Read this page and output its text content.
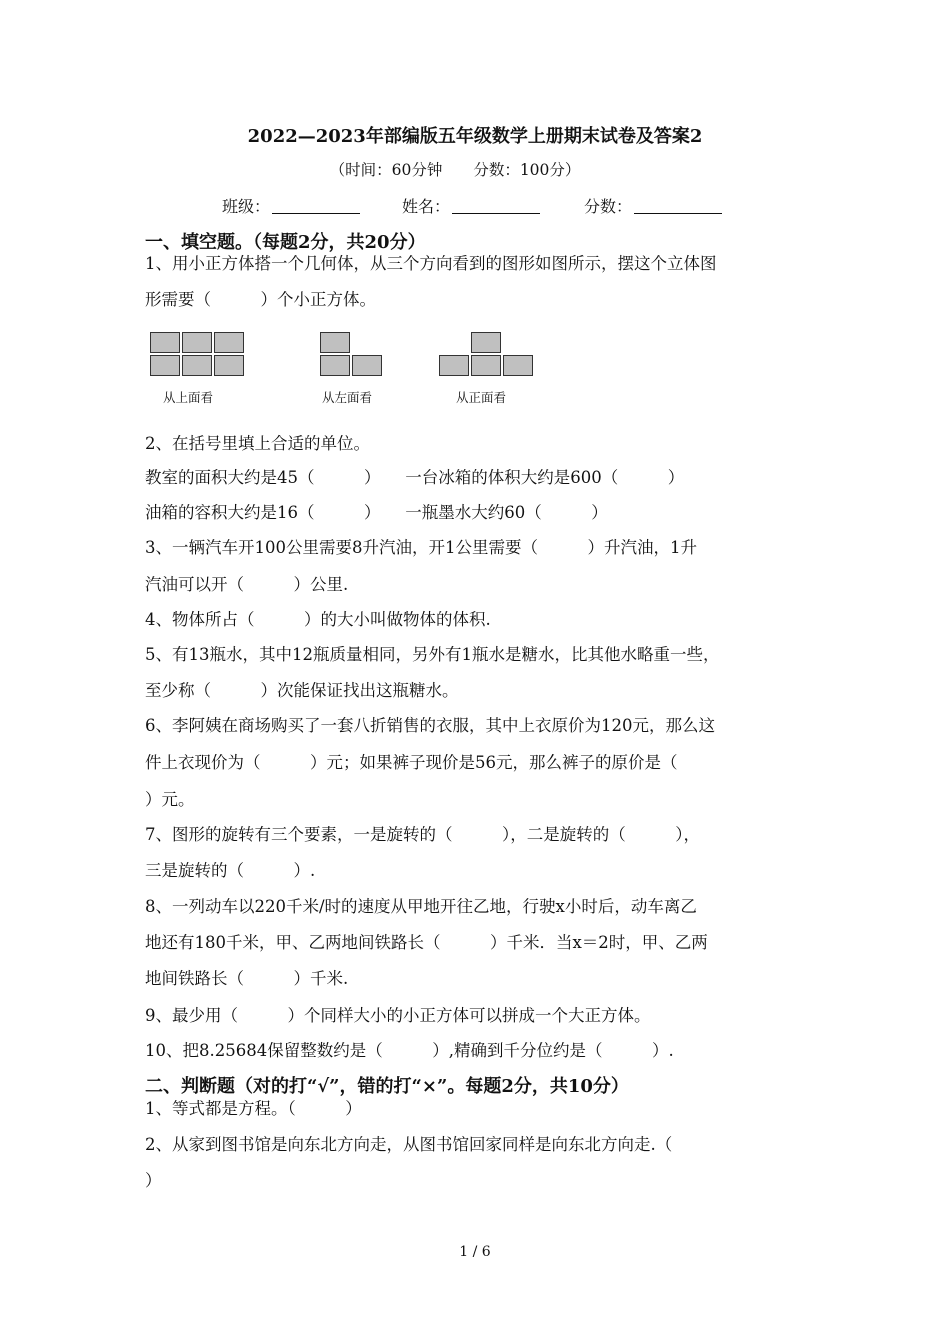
2022—2023年部编版五年级数学上册期末试卷及答案2
（时间：60分钟　　分数：100分）
班级：	姓名：	分数：
一、填空题。（每题2分，共20分）
1、用小正方体搭一个几何体，从三个方向看到的图形如图所示，摆这个立体图
形需要（　　　）个小正方体。
从上面看	从左面看	从正面看
2、在括号里填上合适的单位。
教室的面积大约是45（　　　）　　一台冰箱的体积大约是600（　　　）
油箱的容积大约是16（　　　）　　一瓶墨水大约60（　　　）
3、一辆汽车开100公里需要8升汽油，开1公里需要（　　　）升汽油，1升
汽油可以开（　　　）公里.
4、物体所占（　　　）的大小叫做物体的体积.
5、有13瓶水，其中12瓶质量相同，另外有1瓶水是糖水，比其他水略重一些，
至少称（　　　）次能保证找出这瓶糖水。
6、李阿姨在商场购买了一套八折销售的衣服，其中上衣原价为120元，那么这
件上衣现价为（　　　）元；如果裤子现价是56元，那么裤子的原价是（
）元。
7、图形的旋转有三个要素，一是旋转的（　　　），二是旋转的（　　　），
三是旋转的（　　　）.
8、一列动车以220千米/时的速度从甲地开往乙地，行驶x小时后，动车离乙
地还有180千米，甲、乙两地间铁路长（　　　）千米．当x＝2时，甲、乙两
地间铁路长（　　　）千米.
9、最少用（　　　）个同样大小的小正方体可以拼成一个大正方体。
10、把8.25684保留整数约是（　　　）,精确到千分位约是（　　　）.
二、判断题（对的打“√”，错的打“×”。每题2分，共10分）
1、等式都是方程。（　　　）
2、从家到图书馆是向东北方向走，从图书馆回家同样是向东北方向走.（
）
1 / 6
